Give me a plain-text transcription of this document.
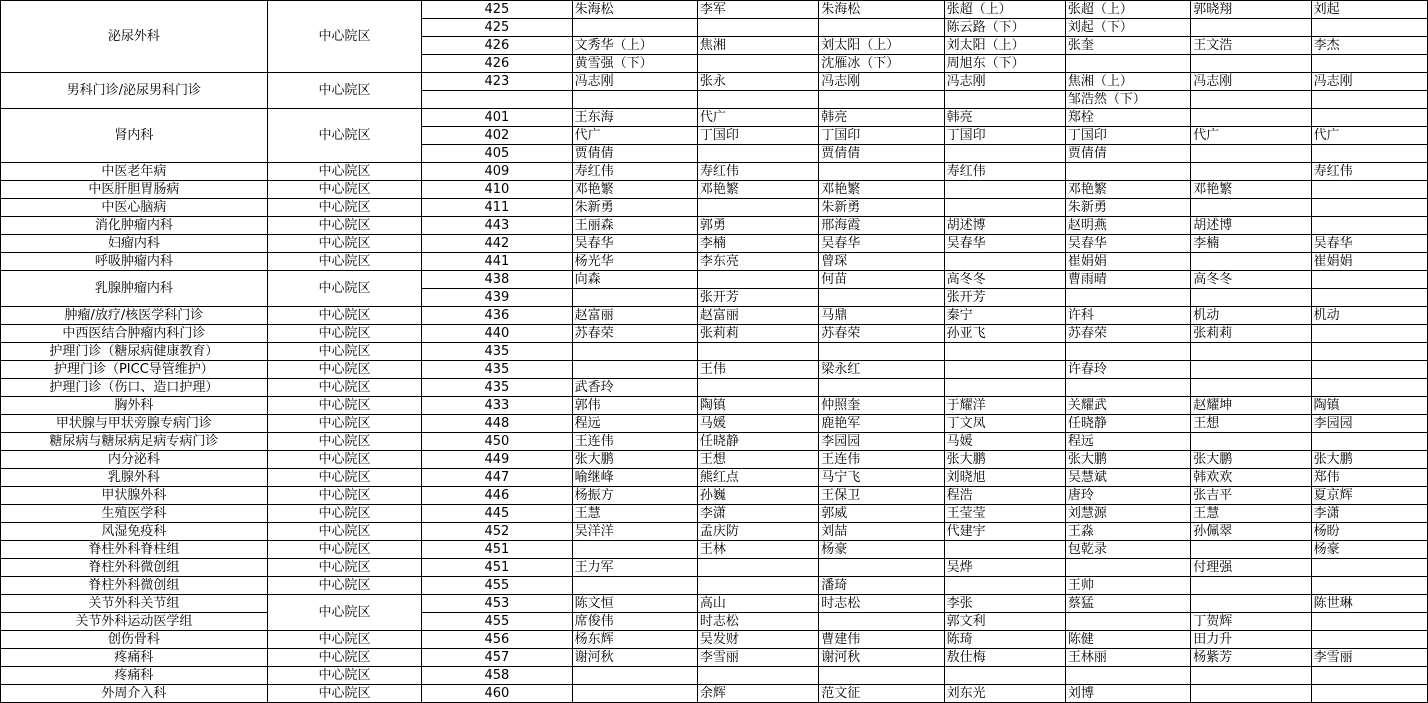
泌尿外科	中心院区	425	朱海松	李军	朱海松	张超（上）	张超（上）	郭晓翔	刘起
		425				陈云路（下）	刘起（下）		
		426	文秀华（上）	焦湘	刘太阳（上）	刘太阳（上）	张奎	王文浩	李杰
		426	黄雪强（下）		沈雁冰（下）	周旭东（下）			
男科门诊/泌尿男科门诊	中心院区	423	冯志刚	张永	冯志刚	冯志刚	焦湘（上）	冯志刚	冯志刚
							邹浩然（下）		
肾内科	中心院区	401	王东海	代广	韩亮	韩亮	郑栓		
		402	代广	丁国印	丁国印	丁国印	丁国印	代广	代广
		405	贾倩倩		贾倩倩		贾倩倩		
中医老年病	中心院区	409	寿红伟	寿红伟		寿红伟			寿红伟
中医肝胆胃肠病	中心院区	410	邓艳繁	邓艳繁	邓艳繁		邓艳繁	邓艳繁	
中医心脑病	中心院区	411	朱新勇		朱新勇		朱新勇		
消化肿瘤内科	中心院区	443	王丽森	郭勇	邢海霞	胡述博	赵明燕	胡述博	
妇瘤内科	中心院区	442	吴春华	李楠	吴春华	吴春华	吴春华	李楠	吴春华
呼吸肿瘤内科	中心院区	441	杨光华	李东亮	曾琛		崔娟娟		崔娟娟
乳腺肿瘤内科	中心院区	438	向森		何苗	高冬冬	曹雨晴	高冬冬	
		439		张开芳		张开芳			
肿瘤/放疗/核医学科门诊	中心院区	436	赵富丽	赵富丽	马鼎	秦宁	许科	机动	机动
中西医结合肿瘤内科门诊	中心院区	440	苏春荣	张莉莉	苏春荣	孙亚飞	苏春荣	张莉莉	
护理门诊（糖尿病健康教育）	中心院区	435							
护理门诊（PICC导管维护）	中心院区	435		王伟	梁永红		许春玲		
护理门诊（伤口、造口护理）	中心院区	435	武香玲						
胸外科	中心院区	433	郭伟	陶镇	仲照奎	于耀洋	关耀武	赵耀坤	陶镇
甲状腺与甲状旁腺专病门诊	中心院区	448	程远	马媛	鹿艳军	丁文凤	任晓静	王想	李园园
糖尿病与糖尿病足病专病门诊	中心院区	450	王连伟	任晓静	李园园	马媛	程远		
内分泌科	中心院区	449	张大鹏	王想	王连伟	张大鹏	张大鹏	张大鹏	张大鹏
乳腺外科	中心院区	447	喻继峰	熊红点	马宁飞	刘晓旭	吴慧斌	韩欢欢	郑伟
甲状腺外科	中心院区	446	杨振方	孙巍	王保卫	程浩	唐玲	张吉平	夏京辉
生殖医学科	中心院区	445	王慧	李潇	郭威	王莹莹	刘慧源	王慧	李潇
风湿免疫科	中心院区	452	吴洋洋	孟庆防	刘喆	代建宇	王淼	孙佩翠	杨盼
脊柱外科脊柱组	中心院区	451		王林	杨豪		包乾录		杨豪
脊柱外科微创组	中心院区	451	王力军			吴烨		付理强	
脊柱外科微创组	中心院区	455			潘琦		王帅		
关节外科关节组	中心院区	453	陈文恒	高山	时志松	李张	蔡猛		陈世琳
关节外科运动医学组		455	席俊伟	时志松		郭文利		丁贺辉	
创伤骨科	中心院区	456	杨东辉	吴发财	曹建伟	陈琦	陈健	田力升	
疼痛科	中心院区	457	谢河秋	李雪丽	谢河秋	敖仕梅	王林丽	杨紫芳	李雪丽
疼痛科	中心院区	458							
外周介入科	中心院区	460		余辉	范文征	刘东光	刘博		
